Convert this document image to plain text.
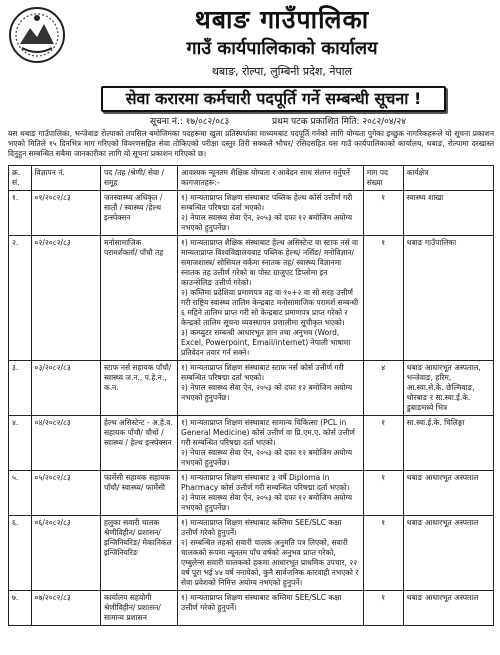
थबाङ गाउँपालिका
गाउँ कार्यपालिकाको कार्यालय
थबाङ, रोल्पा, लुम्बिनी प्रदेश, नेपाल
सेवा करारमा कर्मचारी पदपूर्ति गर्ने सम्बन्धी सूचना !
सूचना नं.: १७/०८२/०८३	प्रथम पटक प्रकाशित मिति: २०८२/०४/२४
यस थबाङ गाउँपालिका, भन्जेवाङ रोल्पाको तपसिल बमोजिमका पदहरूमा खुला प्रतिस्पर्धाका माध्यमबाट पदपूर्ति गर्नको लागि योग्यता पुगेका इच्छुक नागरिकहरूले यो सूचना प्रकाशन भएको मितिले १५ दिनभित्र माग गरिएको विवरणसहित सेवा तोकिएको परीक्षा दस्तुर तिरी सक्कलै भौचर/ रसिदसहित यस गाउँ कार्यपालिकाको कार्यालय, थबाङ, रोल्पामा दरखास्त दिनुहुन सम्बन्धित सबैमा जानकारीका लागि यो सूचना प्रकाशन गरिएको छ।
क्र. सं.	विज्ञापन नं.	पद /तह /श्रेणी/ सेवा /समूह	आवश्यक न्यूनतम शैक्षिक योग्यता र आवेदन साथ संलग्न गर्नुपर्ने कागजातहरू:-	माग पद संख्या	कार्यक्षेत्र
१.	०१/२०८२/८३	जनस्वास्थ्य अधिकृत / सातौं / स्वास्थ्य /हेल्थ इन्स्पेक्सन	१) मान्यताप्राप्त शिक्षण संस्थाबाट पब्लिक हेल्थ कोर्स उत्तीर्ण गरी सम्बन्धित परिषद्मा दर्ता भएको।
२) नेपाल स्वास्थ्य सेवा ऐन, २०५३ को दफा १२ बमोजिम अयोग्य नभएको हुनुपर्नेछ।	१	स्वास्थ्य शाखा
२.	०२/२०८२/८३	मनोसामाजिक परामर्शकर्ता/ पाँचौ तह	१) मान्यताप्राप्त शैक्षिक संस्थाबाट हेल्थ असिस्टेन्ट वा स्टाफ नर्स वा मान्यताप्राप्त विश्वविद्यालयबाट पब्लिक हेल्थ/ नर्सिङ/ मनोविज्ञान/ समाजशास्त्र/ सोसियल वर्कमा स्नातक तह/ स्वास्थ्य विज्ञानमा स्नातक तह उत्तीर्ण गरेको वा पोस्ट ग्राजुएट डिप्लोमा इन काउन्सेलिङ उत्तीर्ण गरेको।
२) कम्तिमा प्रदेशिया प्रमाणपत्र तह वा १०+२ वा सो सरह उत्तीर्ण गरी राष्ट्रिय स्वास्थ्य तालिम केन्द्रबाट मनोसामाजिक परामर्श सम्बन्धी ६ महिने तालिम प्राप्त गरी सो केन्द्रबाट प्रमाणपत्र प्राप्त गरेको र केन्द्रको तालिम सूचना व्यवस्थापन प्रणालीमा सूचीकृत भएको।
३) कम्प्युटर सम्बन्धी आधारभूत ज्ञान तथा अनुभव (Word, Excel, Powerpoint, Email/internet) नेपाली भाषामा प्रतिवेदन तयार गर्न सक्ने।	१	थबाङ गाउँपालिका
३.	०३/२०८२/८३	स्टाफ नर्स सहायक पाँचौ/ स्वास्थ्य ज.न., प.हे.न., क.न.	१) मान्यताप्राप्त शिक्षण संस्थाबाट स्टाफ नर्स कोर्स उत्तीर्ण गरी सम्बन्धित परिषद्मा दर्ता भएको।
२) नेपाल स्वास्थ्य सेवा ऐन, २०५३ को दफा १२ बमोजिम अयोग्य नभएको हुनुपर्नेछ।	४	थबाङ आधारभूत अस्पताल, भन्जेवाङ, हरिम, आ.स्वा.से.के. छेल्मिवाङ, थोरबाङ र सा.स्वा.ई.के. डुबाङमध्ये भित्र
४.	०४/२०८२/८३	हेल्थ असिस्टेन्ट - अ.हे.व. सहायक पाँचौ/ चौथो / स्वास्थ्य / हेल्थ इन्स्पेक्सन	१) मान्यताप्राप्त शिक्षण संस्थाबाट सामान्य चिकित्सा (PCL in General Medicine) कोर्स उत्तीर्ण वा प्रि.एम.ए. कोर्स उत्तीर्ण गरी सम्बन्धित परिषद्मा दर्ता भएको।
२) नेपाल स्वास्थ्य सेवा ऐन, २०५३ को दफा १२ बमोजिम अयोग्य नभएको हुनुपर्नेछ।	१	सा.स्वा.ई.के. चिलिङ्गा
५.	०५/२०८२/८३	फार्मेसी सहायक सहायक पाँचौ/ स्वास्थ्य/ फार्मेसी	१) मान्यताप्राप्त शिक्षण संस्थाबाट ३ वर्षे Diploma in Pharmacy कोर्स उत्तीर्ण गरी सम्बन्धित परिषद्मा दर्ता भएको।
२) नेपाल स्वास्थ्य सेवा ऐन, २०५३ को दफा १२ बमोजिम अयोग्य नभएको हुनुपर्नेछ।	१	थबाङ आधारभूत अस्पताल
६.	०६/२०८२/८३	हलुका सवारी चालक श्रेणीविहीन/ प्रशासन/ इन्जिनियरिङ/ मेकानिकल इन्जिनियरिङ	१) मान्यताप्राप्त शिक्षण संस्थाबाट कम्तिमा SEE/SLC कक्षा उत्तीर्ण गरेको हुनुपर्ने।
२) सम्बन्धित तहको सवारी चालक अनुमति पत्र लिएको, सवारी चालकको रूपमा न्यूनतम पाँच वर्षको अनुभव प्राप्त गरेको, एम्बुलेन्स सवारी चालकको हकमा आधारभूत प्राथमिक उपचार, २२ वर्ष पूरा भई ४४ वर्ष ननाघेको, कुनै सार्वजनिक कारवाही नभएको र सेवा प्रवेशको निमित्त अयोग्य नभएको हुनुपर्ने।	१	थबाङ आधारभूत अस्पताल
७.	०७/२०८२/८३	कार्यालय सहयोगी श्रेणीविहीन/ प्रशासन/ सामान्य प्रशासन	१) मान्यताप्राप्त शिक्षण संस्थाबाट कम्तिमा SEE/SLC कक्षा उत्तीर्ण गरेको हुनुपर्ने।	१	थबाङ आधारभूत अस्पताल
